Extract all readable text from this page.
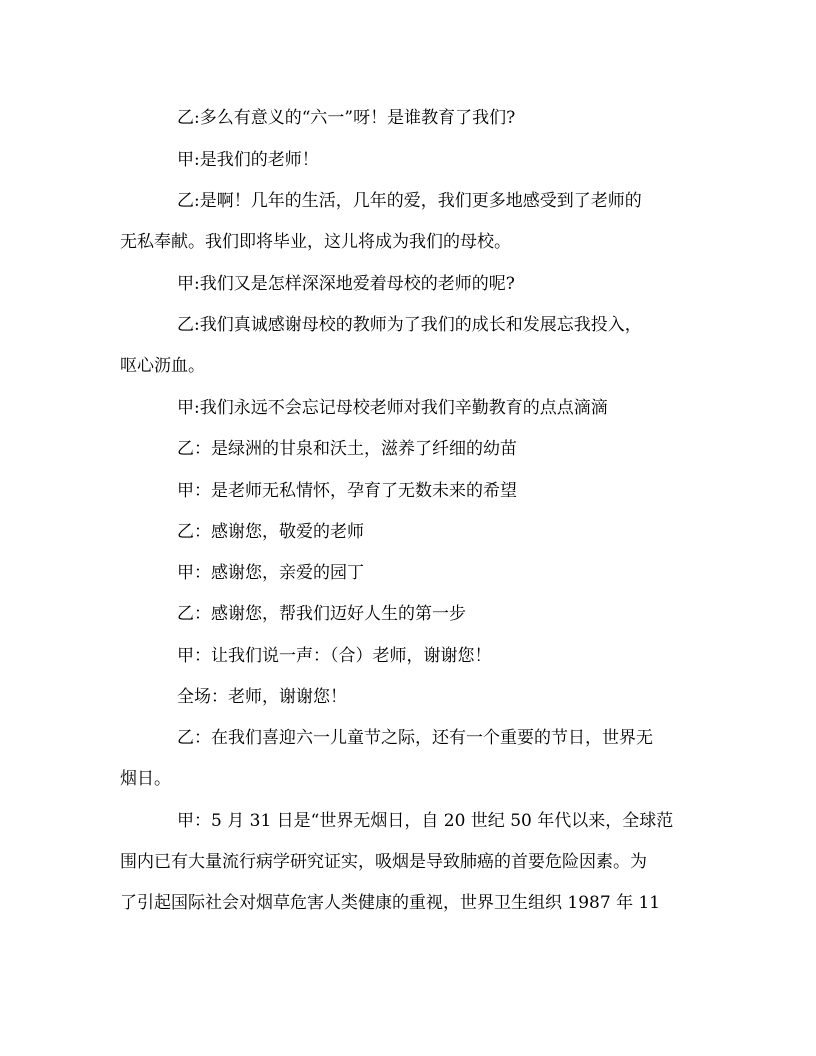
乙:多么有意义的“六一”呀！是谁教育了我们?
甲:是我们的老师！
乙:是啊！几年的生活，几年的爱，我们更多地感受到了老师的
无私奉献。我们即将毕业，这儿将成为我们的母校。
甲:我们又是怎样深深地爱着母校的老师的呢?
乙:我们真诚感谢母校的教师为了我们的成长和发展忘我投入，
呕心沥血。
甲:我们永远不会忘记母校老师对我们辛勤教育的点点滴滴
乙：是绿洲的甘泉和沃土，滋养了纤细的幼苗
甲：是老师无私情怀，孕育了无数未来的希望
乙：感谢您，敬爱的老师
甲：感谢您，亲爱的园丁
乙：感谢您，帮我们迈好人生的第一步
甲：让我们说一声：（合）老师，谢谢您！
全场：老师，谢谢您！
乙：在我们喜迎六一儿童节之际，还有一个重要的节日，世界无
烟日。
甲：5 月 31 日是“世界无烟日，自 20 世纪 50 年代以来，全球范
围内已有大量流行病学研究证实，吸烟是导致肺癌的首要危险因素。为
了引起国际社会对烟草危害人类健康的重视，世界卫生组织 1987 年 11
